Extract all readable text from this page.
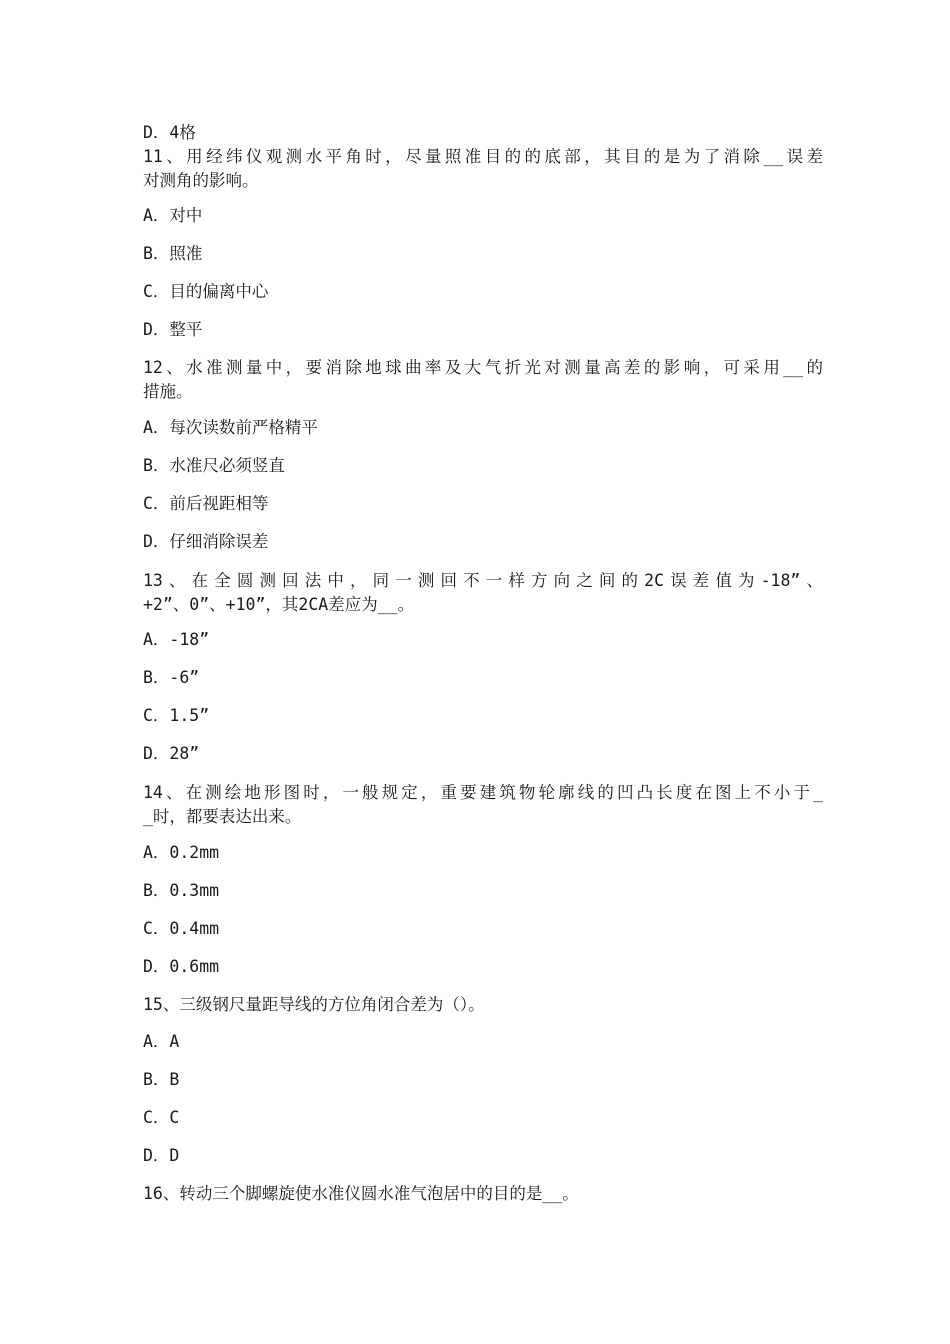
D．4格
11、用经纬仪观测水平角时，尽量照准目的的底部，其目的是为了消除__误差
对测角的影响。
A．对中
B．照准
C．目的偏离中心
D．整平
12、水准测量中，要消除地球曲率及大气折光对测量高差的影响，可采用__的
措施。
A．每次读数前严格精平
B．水准尺必须竖直
C．前后视距相等
D．仔细消除误差
13、在全圆测回法中，同一测回不一样方向之间的2C误差值为-18”、
+2”、0”、+10”，其2CA差应为__。
A．-18”
B．-6”
C．1.5”
D．28”
14、在测绘地形图时，一般规定，重要建筑物轮廓线的凹凸长度在图上不小于_
_时，都要表达出来。
A．0.2mm
B．0.3mm
C．0.4mm
D．0.6mm
15、三级钢尺量距导线的方位角闭合差为（）。
A．A
B．B
C．C
D．D
16、转动三个脚螺旋使水准仪圆水准气泡居中的目的是__。
